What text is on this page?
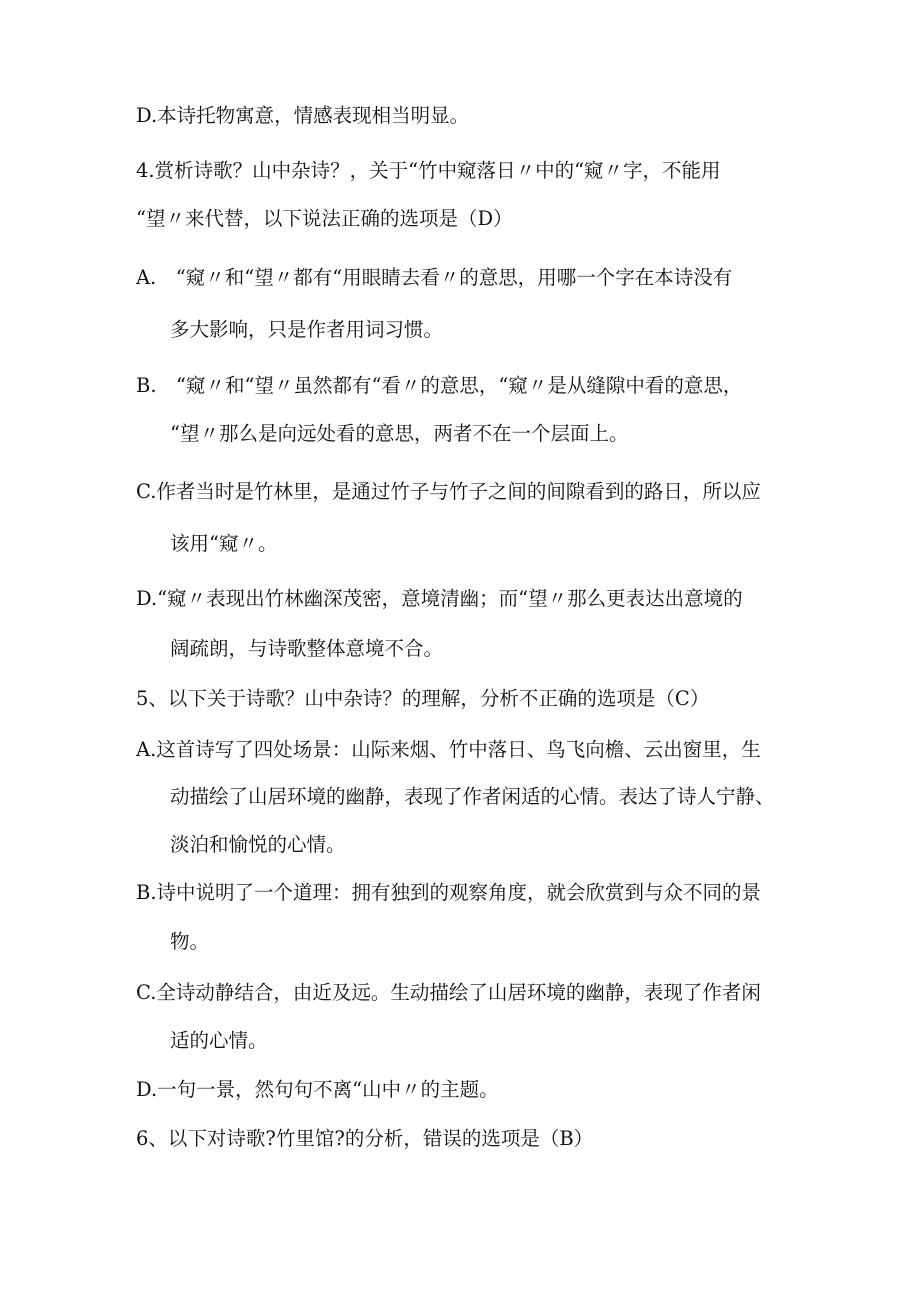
D.本诗托物寓意，情感表现相当明显。
4.赏析诗歌？山中杂诗？，关于“竹中窥落日〃中的“窥〃字，不能用
“望〃来代替，以下说法正确的选项是（D）
A.　“窥〃和“望〃都有“用眼睛去看〃的意思，用哪一个字在本诗没有
多大影响，只是作者用词习惯。
B.　“窥〃和“望〃虽然都有“看〃的意思，“窥〃是从缝隙中看的意思，
“望〃那么是向远处看的意思，两者不在一个层面上。
C.作者当时是竹林里，是通过竹子与竹子之间的间隙看到的路日，所以应
该用“窥〃。
D.“窥〃表现出竹林幽深茂密，意境清幽；而“望〃那么更表达出意境的
阔疏朗，与诗歌整体意境不合。
5、以下关于诗歌？山中杂诗？的理解，分析不正确的选项是（C）
A.这首诗写了四处场景：山际来烟、竹中落日、鸟飞向檐、云出窗里，生
动描绘了山居环境的幽静，表现了作者闲适的心情。表达了诗人宁静、
淡泊和愉悦的心情。
B.诗中说明了一个道理：拥有独到的观察角度，就会欣赏到与众不同的景
物。
C.全诗动静结合，由近及远。生动描绘了山居环境的幽静，表现了作者闲
适的心情。
D.一句一景，然句句不离“山中〃的主题。
6、以下对诗歌?竹里馆?的分析，错误的选项是（B）
